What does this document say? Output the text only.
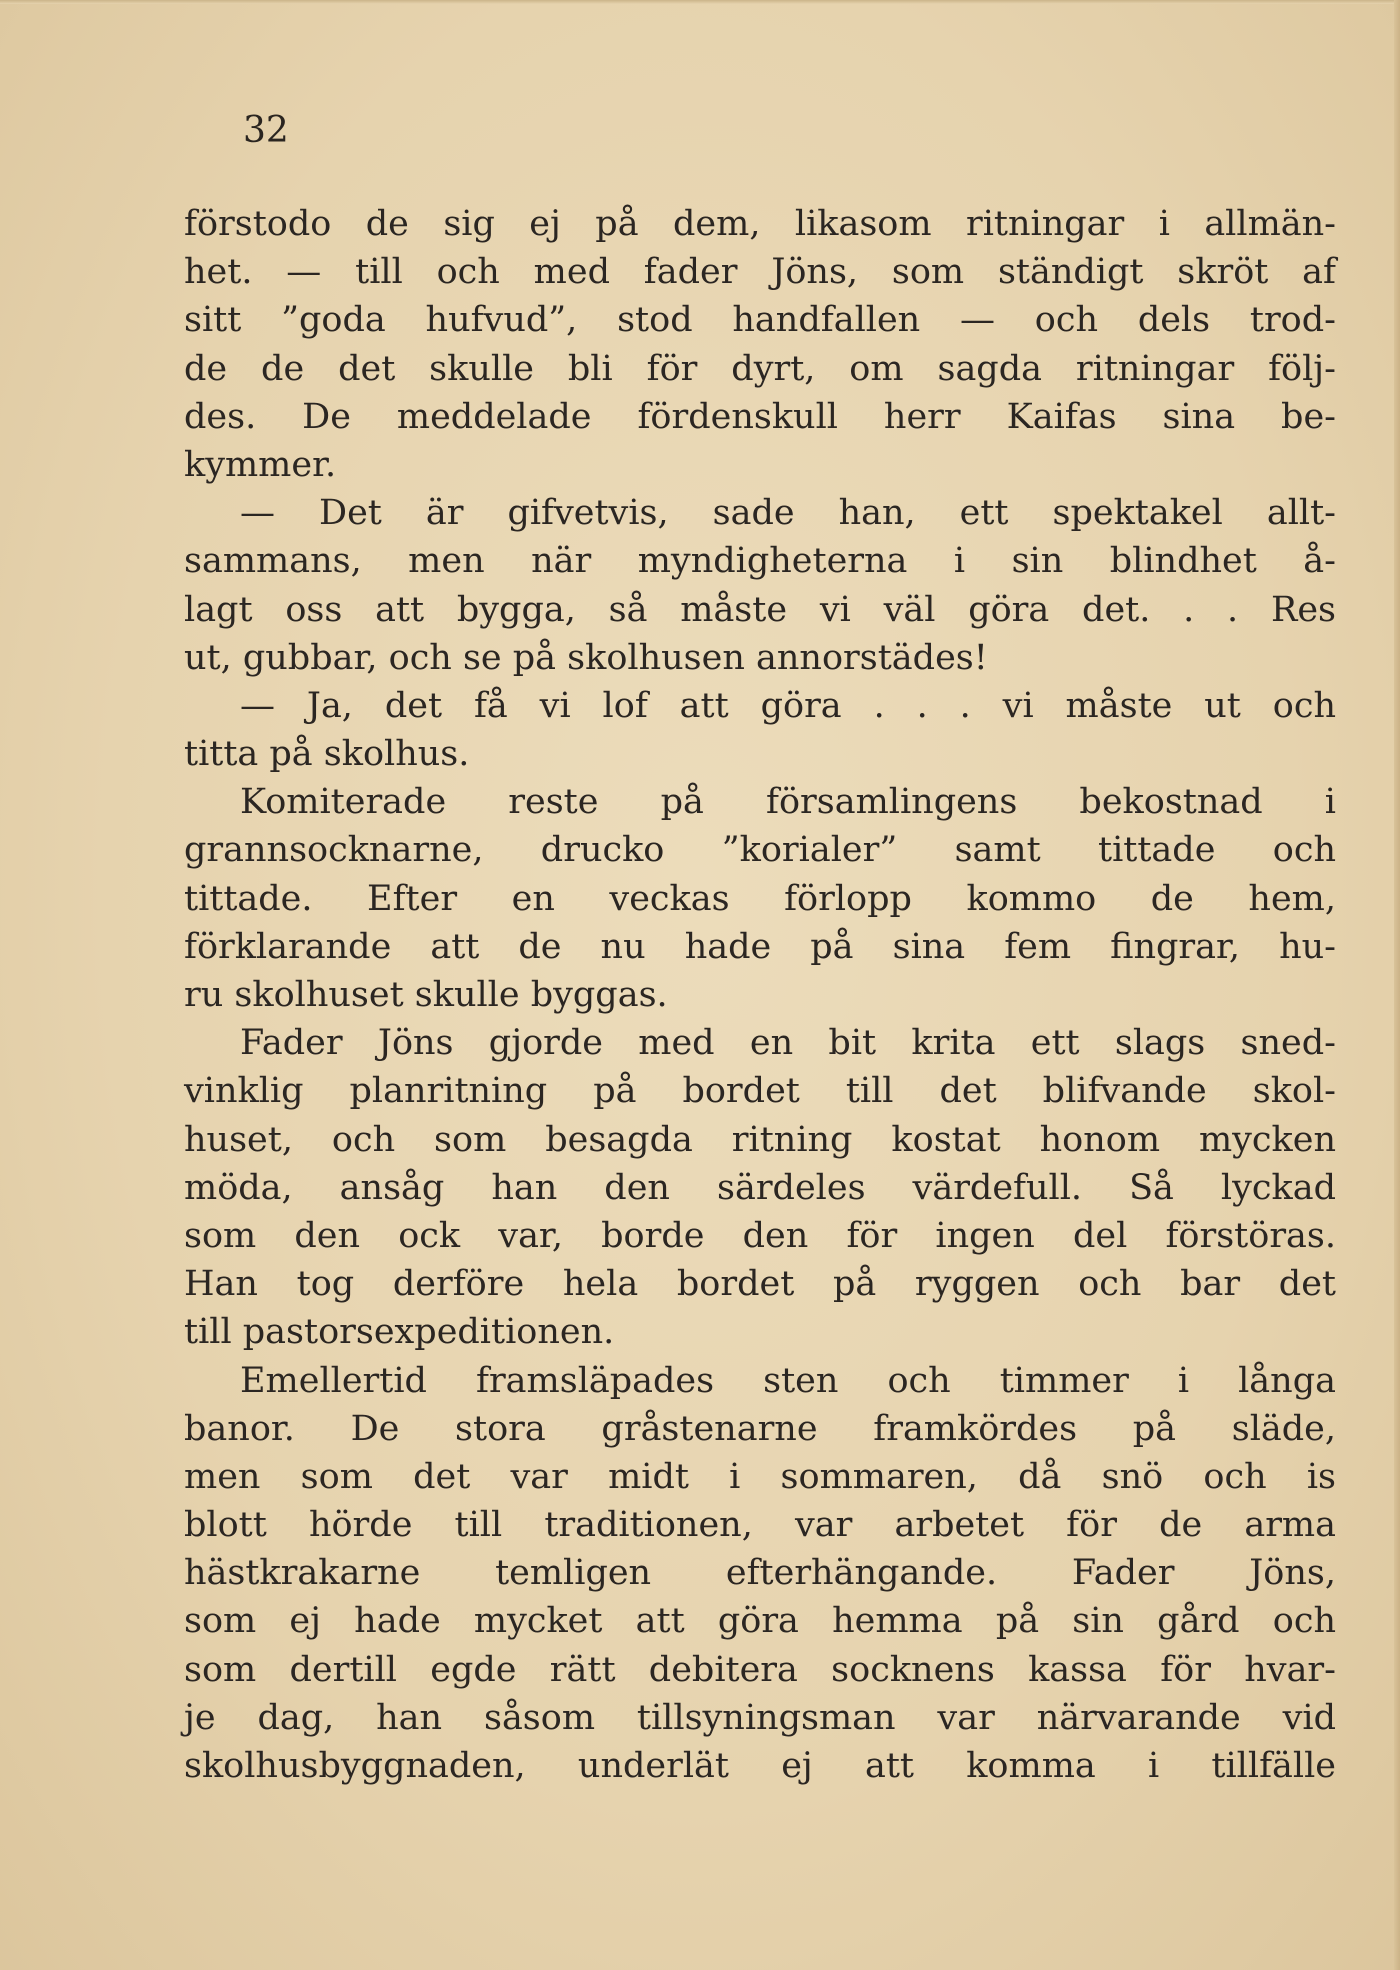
32

förstodo de sig ej på dem, likasom ritningar i allmän-
het. — till och med fader Jöns, som ständigt skröt af
sitt ”goda hufvud”, stod handfallen — och dels trod-
de de det skulle bli för dyrt, om sagda ritningar följ-
des. De meddelade fördenskull herr Kaifas sina be-
kymmer.
— Det är gifvetvis, sade han, ett spektakel allt-
sammans, men när myndigheterna i sin blindhet å-
lagt oss att bygga, så måste vi väl göra det. . . Res
ut, gubbar, och se på skolhusen annorstädes!
— Ja, det få vi lof att göra . . . vi måste ut och
titta på skolhus.
Komiterade reste på församlingens bekostnad i
grannsocknarne, drucko ”korialer” samt tittade och
tittade. Efter en veckas förlopp kommo de hem,
förklarande att de nu hade på sina fem fingrar, hu-
ru skolhuset skulle byggas.
Fader Jöns gjorde med en bit krita ett slags sned-
vinklig planritning på bordet till det blifvande skol-
huset, och som besagda ritning kostat honom mycken
möda, ansåg han den särdeles värdefull. Så lyckad
som den ock var, borde den för ingen del förstöras.
Han tog derföre hela bordet på ryggen och bar det
till pastorsexpeditionen.
Emellertid framsläpades sten och timmer i långa
banor. De stora gråstenarne framkördes på släde,
men som det var midt i sommaren, då snö och is
blott hörde till traditionen, var arbetet för de arma
hästkrakarne temligen efterhängande. Fader Jöns,
som ej hade mycket att göra hemma på sin gård och
som dertill egde rätt debitera socknens kassa för hvar-
je dag, han såsom tillsyningsman var närvarande vid
skolhusbyggnaden, underlät ej att komma i tillfälle
